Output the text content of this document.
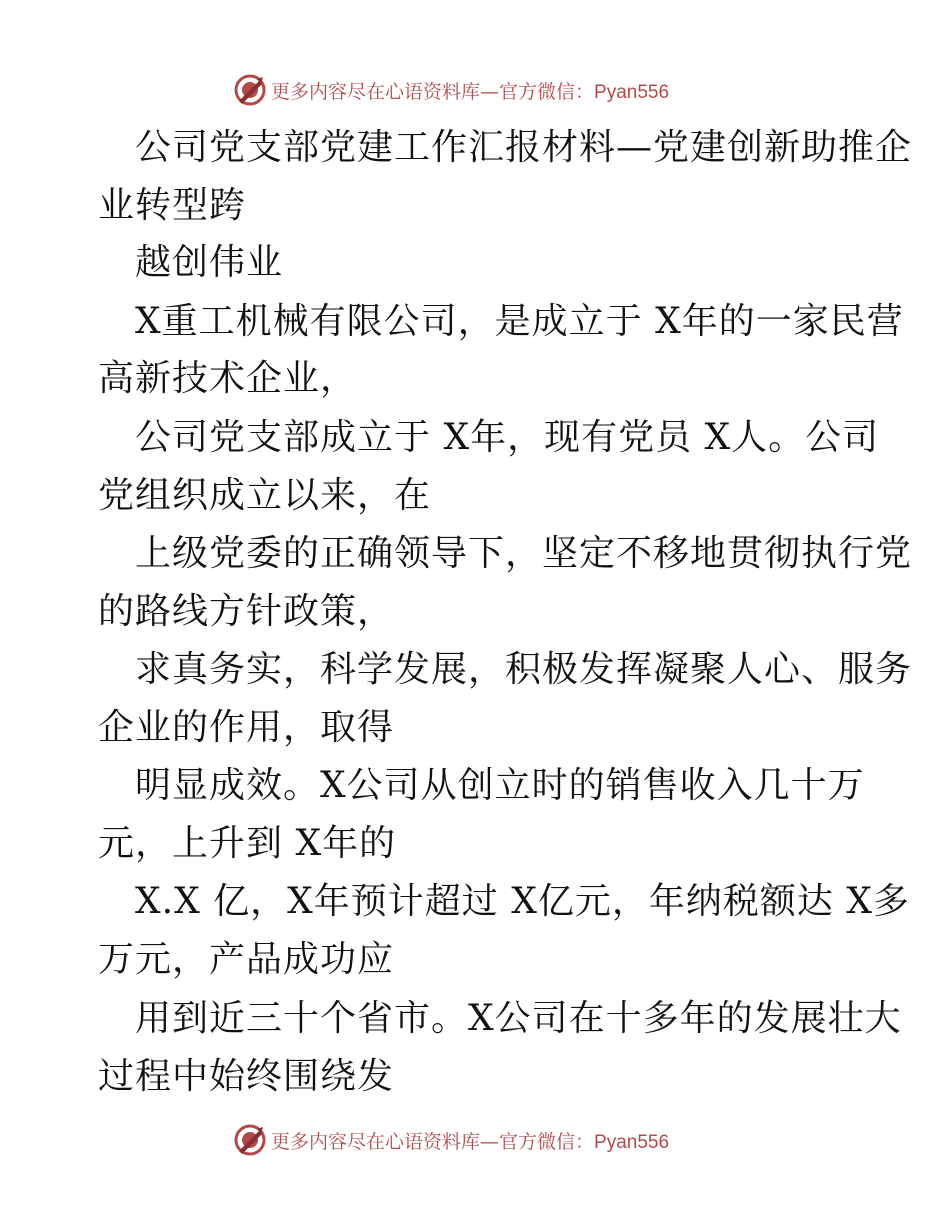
更多内容尽在心语资料库—官方微信：Pyan556
公司党支部党建工作汇报材料—党建创新助推企
业转型跨
越创伟业
X重工机械有限公司，是成立于 X年的一家民营
高新技术企业，
公司党支部成立于 X年，现有党员 X人。公司
党组织成立以来，在
上级党委的正确领导下，坚定不移地贯彻执行党
的路线方针政策，
求真务实，科学发展，积极发挥凝聚人心、服务
企业的作用，取得
明显成效。X公司从创立时的销售收入几十万
元，上升到 X年的
X.X 亿，X年预计超过 X亿元，年纳税额达 X多
万元，产品成功应
用到近三十个省市。X公司在十多年的发展壮大
过程中始终围绕发
更多内容尽在心语资料库—官方微信：Pyan556
